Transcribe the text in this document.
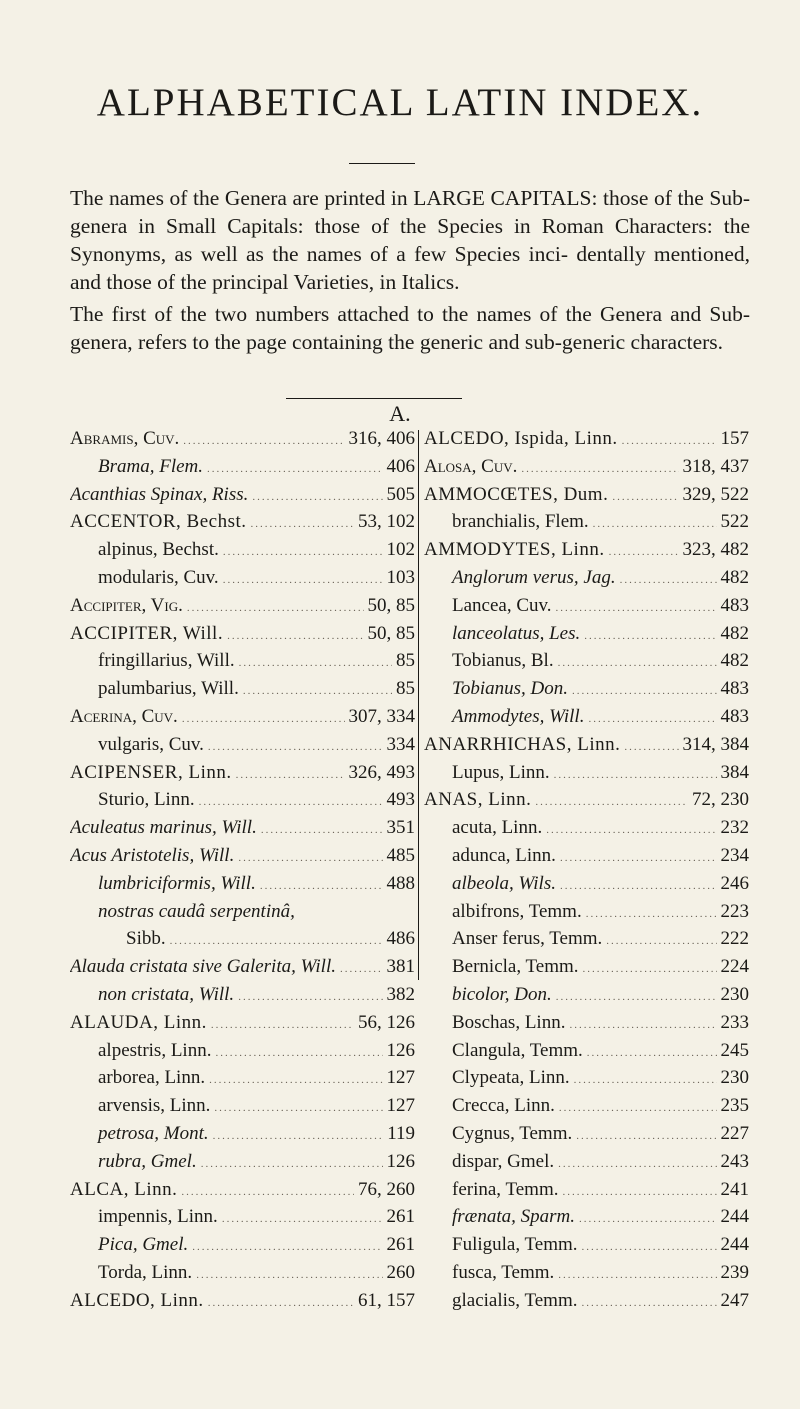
ALPHABETICAL LATIN INDEX.
The names of the Genera are printed in LARGE CAPITALS: those of the Sub-genera in Small Capitals: those of the Species in Roman Characters: the Synonyms, as well as the names of a few Species inci- dentally mentioned, and those of the principal Varieties, in Italics.
The first of the two numbers attached to the names of the Genera and Sub-genera, refers to the page containing the generic and sub-generic characters.
A.
Abramis, Cuv. .....	316, 406
Brama, Flem. .....	406
Acanthias Spinax, Riss. .....	505
ACCENTOR, Bechst. .....	53, 102
alpinus, Bechst. .....	102
modularis, Cuv. .....	103
Accipiter, Vig. .....	50, 85
ACCIPITER, Will. .....	50, 85
fringillarius, Will. .....	85
palumbarius, Will. .....	85
Acerina, Cuv. .....	307, 334
vulgaris, Cuv. .....	334
ACIPENSER, Linn. .....	326, 493
Sturio, Linn. .....	493
Aculeatus marinus, Will. .....	351
Acus Aristotelis, Will. .....	485
lumbriciformis, Will. .....	488
nostras caudâ serpentinâ,
Sibb. .....	486
Alauda cristata sive Galerita, Will. .....	381
non cristata, Will. .....	382
ALAUDA, Linn. .....	56, 126
alpestris, Linn. .....	126
arborea, Linn. .....	127
arvensis, Linn. .....	127
petrosa, Mont. .....	119
rubra, Gmel. .....	126
ALCA, Linn. .....	76, 260
impennis, Linn. .....	261
Pica, Gmel. .....	261
Torda, Linn. .....	260
ALCEDO, Linn. .....	61, 157
ALCEDO, Ispida, Linn. .....	157
Alosa, Cuv. .....	318, 437
AMMOCŒTES, Dum. .....	329, 522
branchialis, Flem. .....	522
AMMODYTES, Linn. .....	323, 482
Anglorum verus, Jag. .....	482
Lancea, Cuv. .....	483
lanceolatus, Les. .....	482
Tobianus, Bl. .....	482
Tobianus, Don. .....	483
Ammodytes, Will. .....	483
ANARRHICHAS, Linn. .....	314, 384
Lupus, Linn. .....	384
ANAS, Linn. .....	72, 230
acuta, Linn. .....	232
adunca, Linn. .....	234
albeola, Wils. .....	246
albifrons, Temm. .....	223
Anser ferus, Temm. .....	222
Bernicla, Temm. .....	224
bicolor, Don. .....	230
Boschas, Linn. .....	233
Clangula, Temm. .....	245
Clypeata, Linn. .....	230
Crecca, Linn. .....	235
Cygnus, Temm. .....	227
dispar, Gmel. .....	243
ferina, Temm. .....	241
frænata, Sparm. .....	244
Fuligula, Temm. .....	244
fusca, Temm. .....	239
glacialis, Temm. .....	247
